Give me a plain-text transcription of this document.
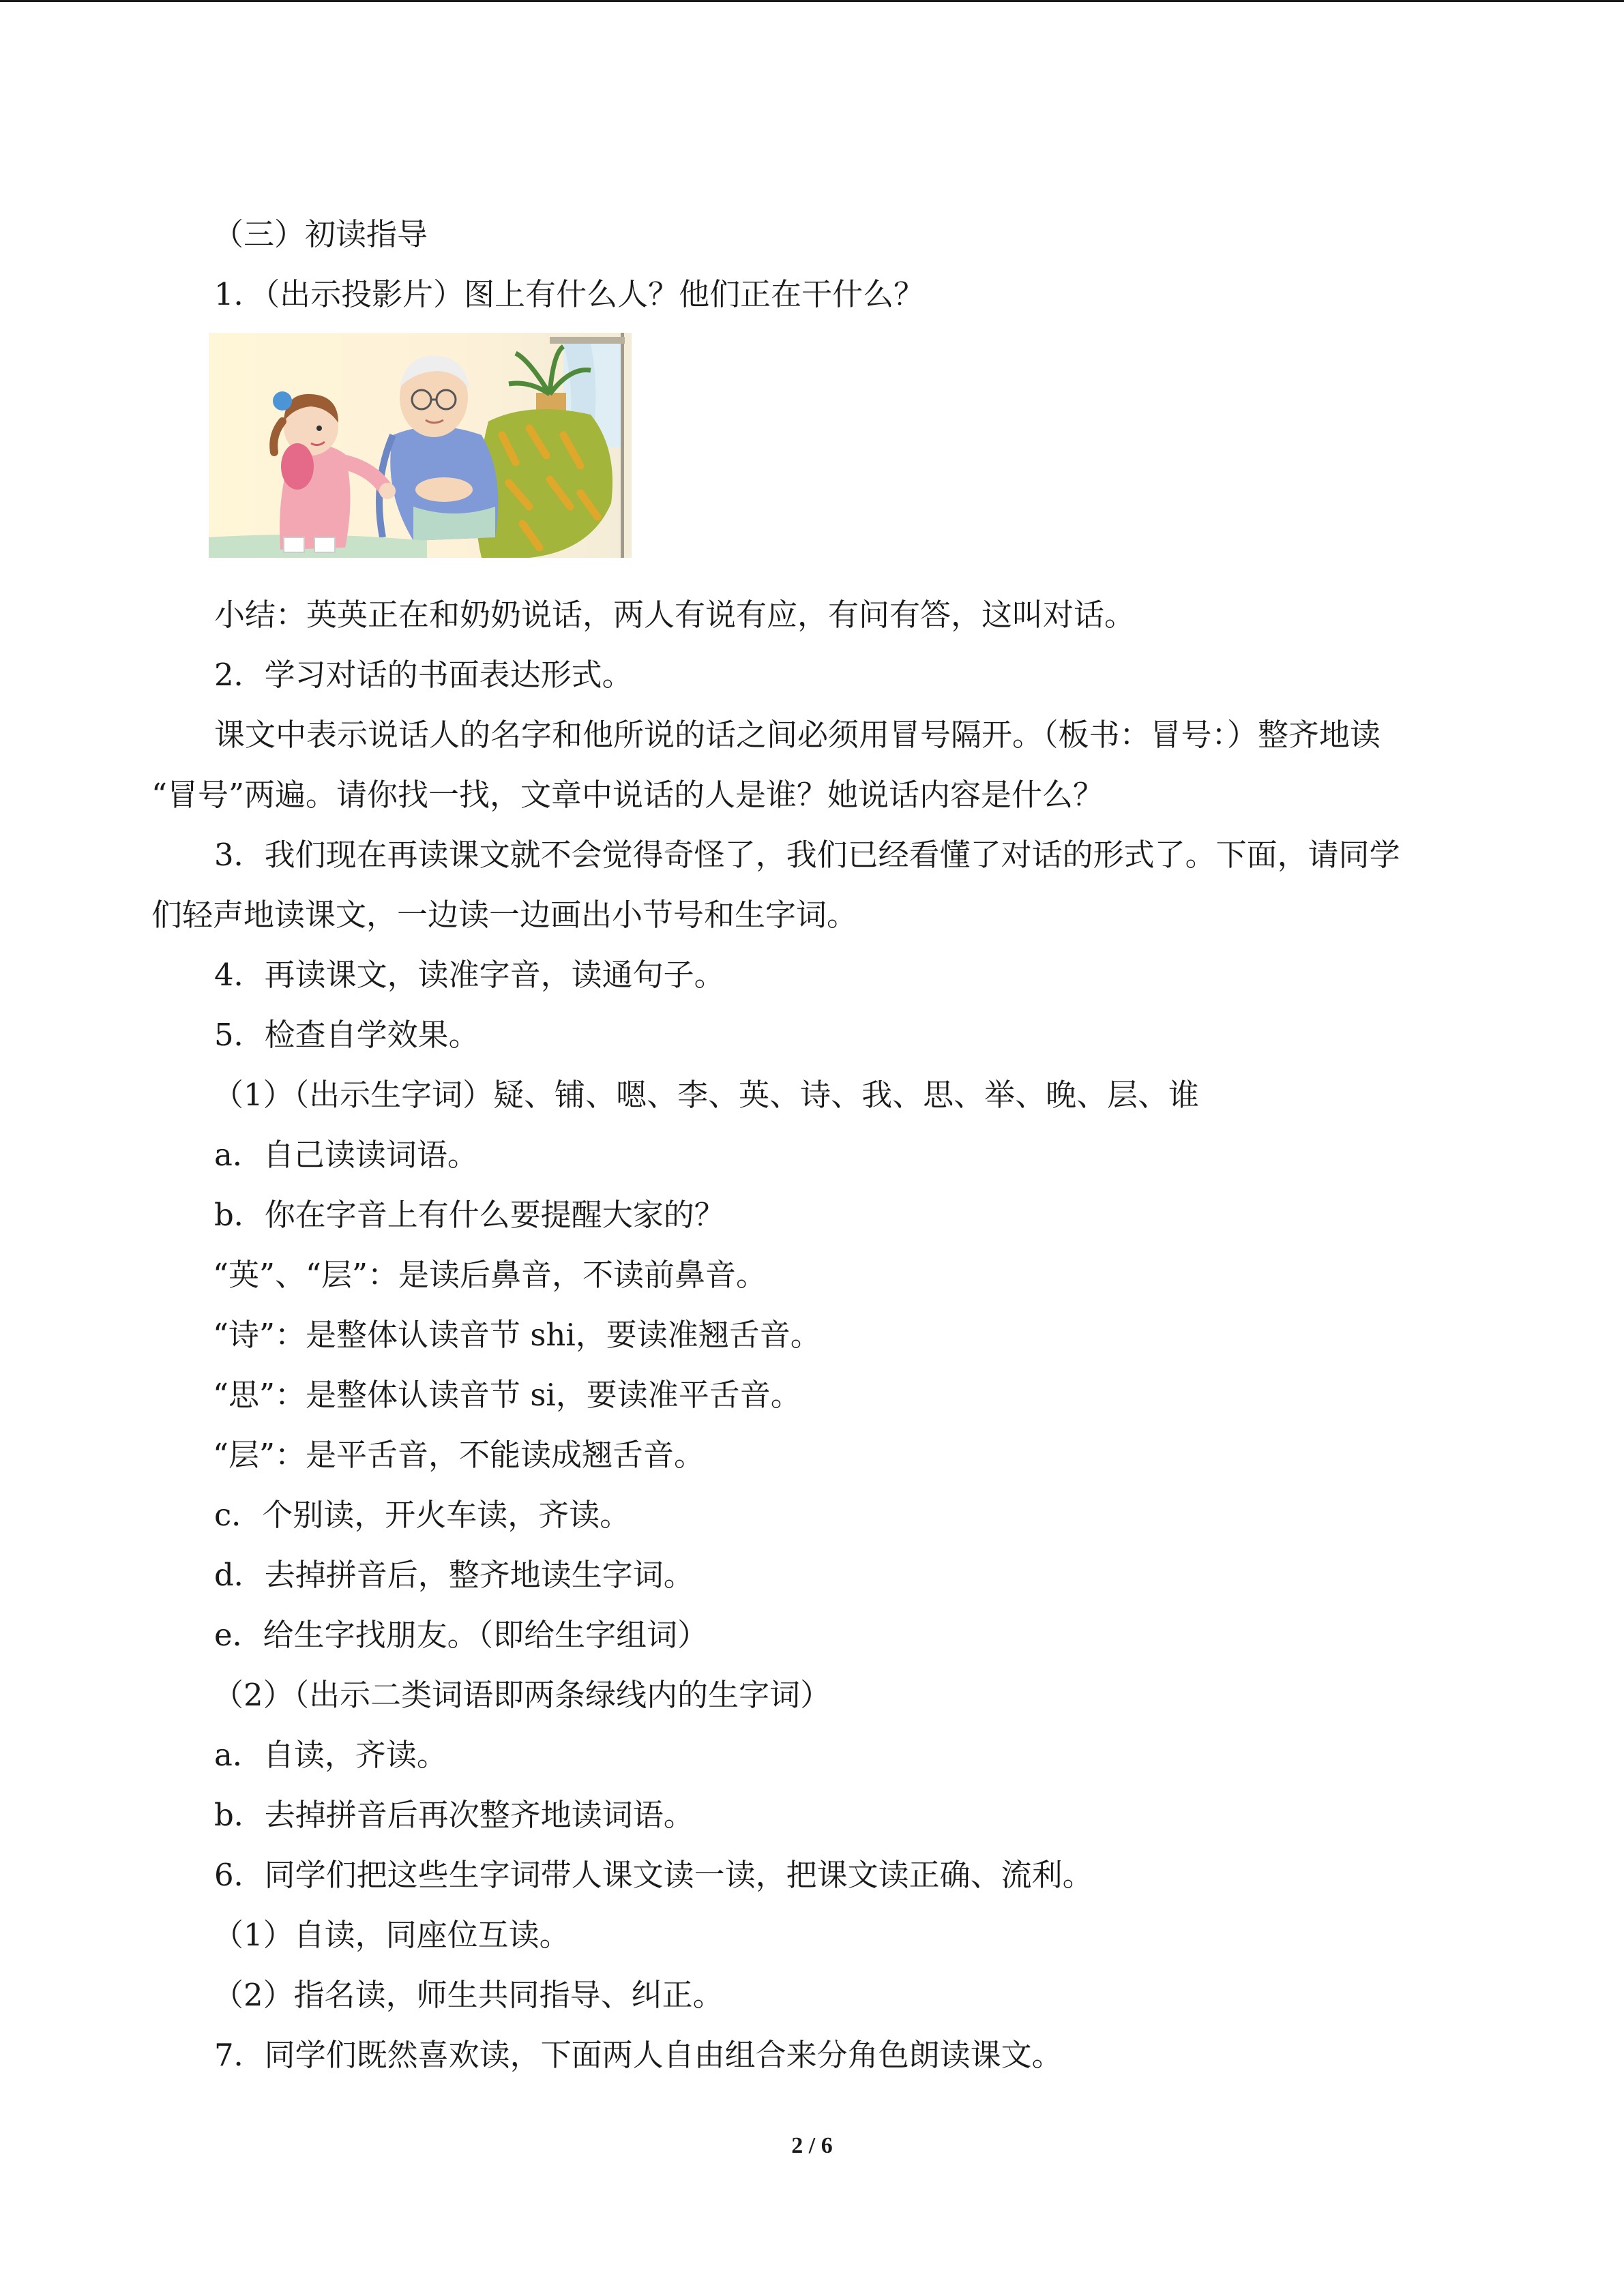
（三）初读指导
1．（出示投影片）图上有什么人？他们正在干什么？
小结：英英正在和奶奶说话，两人有说有应，有问有答，这叫对话。
2．学习对话的书面表达形式。
课文中表示说话人的名字和他所说的话之间必须用冒号隔开。（板书：冒号：）整齐地读
“冒号”两遍。请你找一找，文章中说话的人是谁？她说话内容是什么？
3．我们现在再读课文就不会觉得奇怪了，我们已经看懂了对话的形式了。下面，请同学
们轻声地读课文，一边读一边画出小节号和生字词。
4．再读课文，读准字音，读通句子。
5．检查自学效果。
（1）（出示生字词）疑、铺、嗯、李、英、诗、我、思、举、晚、层、谁
a．自己读读词语。
b．你在字音上有什么要提醒大家的？
“英”、“层”：是读后鼻音，不读前鼻音。
“诗”：是整体认读音节 shi，要读准翘舌音。
“思”：是整体认读音节 si，要读准平舌音。
“层”：是平舌音，不能读成翘舌音。
c．个别读，开火车读，齐读。
d．去掉拼音后，整齐地读生字词。
e．给生字找朋友。（即给生字组词）
（2）（出示二类词语即两条绿线内的生字词）
a．自读，齐读。
b．去掉拼音后再次整齐地读词语。
6．同学们把这些生字词带人课文读一读，把课文读正确、流利。
（1）自读，同座位互读。
（2）指名读，师生共同指导、纠正。
7．同学们既然喜欢读，下面两人自由组合来分角色朗读课文。
2 / 6
